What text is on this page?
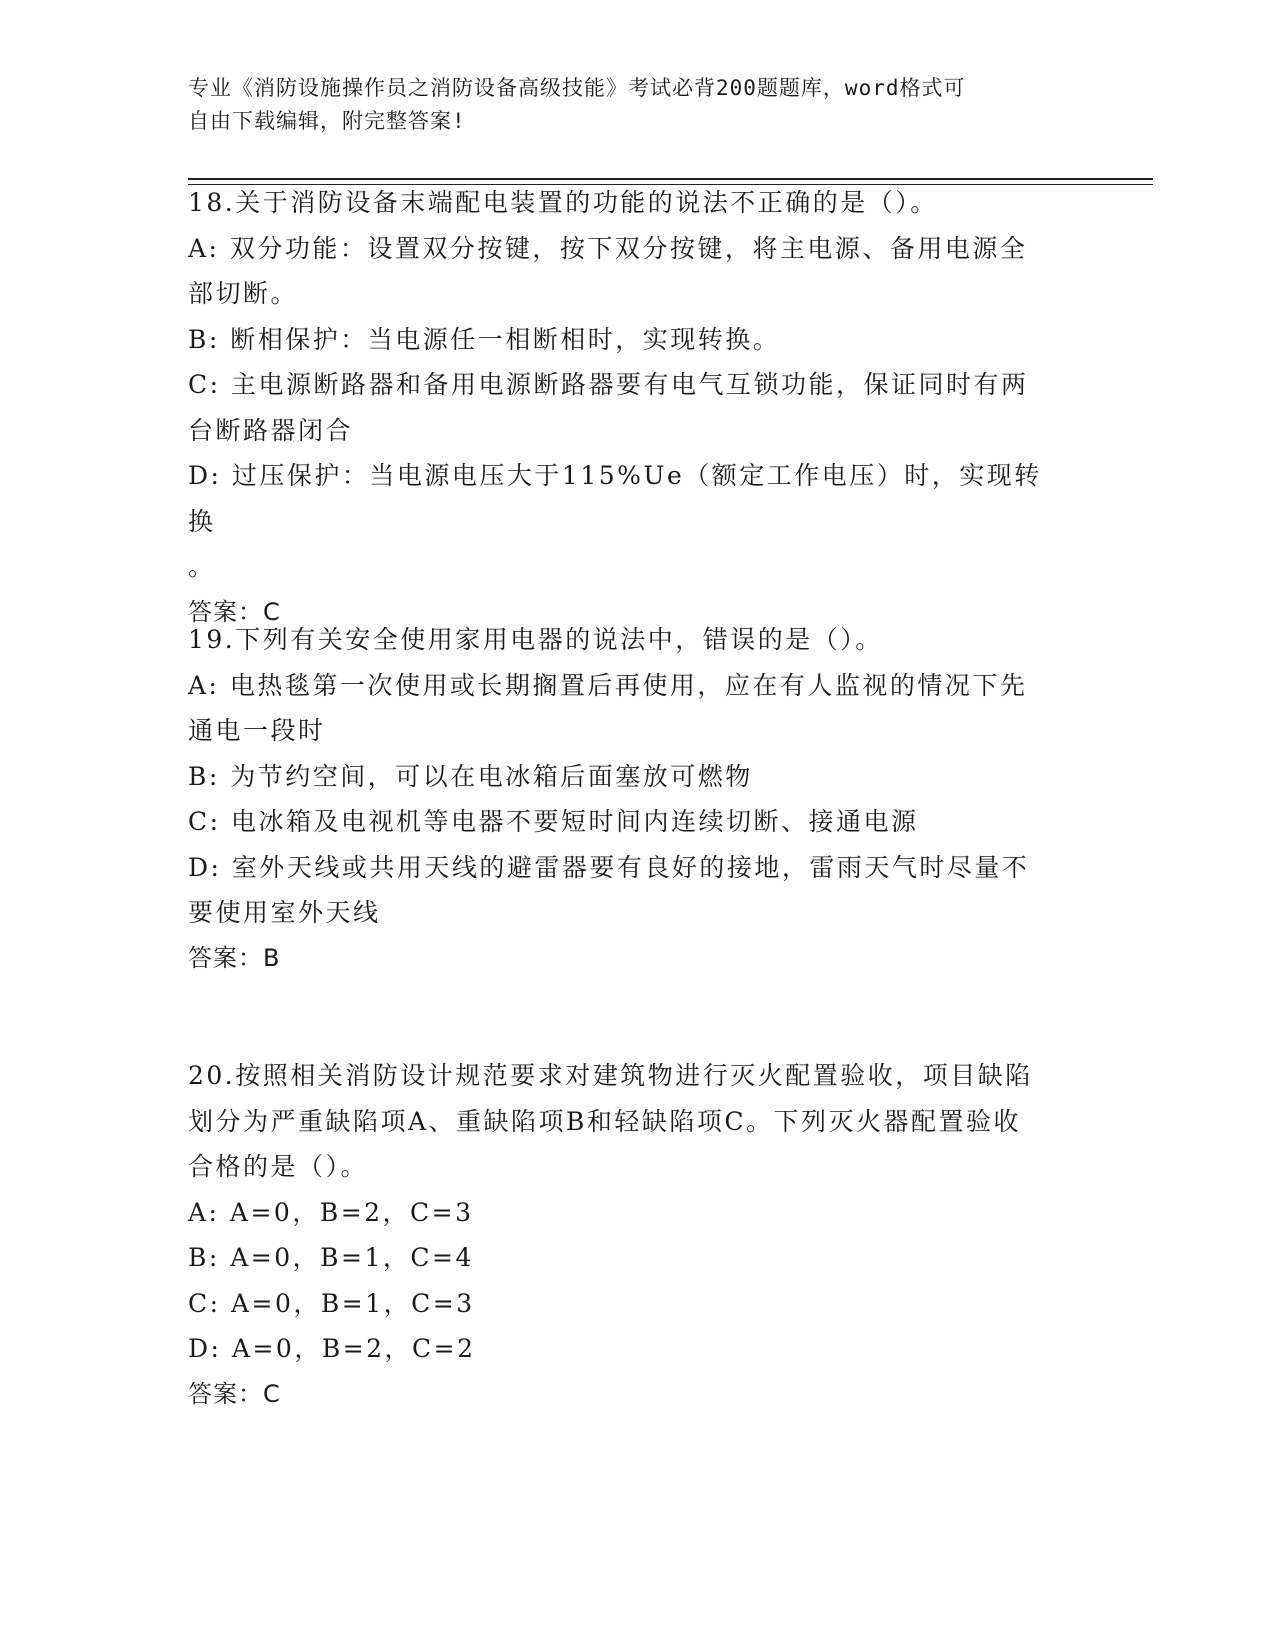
专业《消防设施操作员之消防设备高级技能》考试必背200题题库，word格式可
自由下载编辑，附完整答案!
18.关于消防设备末端配电装置的功能的说法不正确的是（）。
A: 双分功能：设置双分按键，按下双分按键，将主电源、备用电源全
部切断。
B: 断相保护：当电源任一相断相时，实现转换。
C: 主电源断路器和备用电源断路器要有电气互锁功能，保证同时有两
台断路器闭合
D: 过压保护：当电源电压大于115%Ue（额定工作电压）时，实现转换
。
答案：C
19.下列有关安全使用家用电器的说法中，错误的是（）。
A: 电热毯第一次使用或长期搁置后再使用，应在有人监视的情况下先
通电一段时
B: 为节约空间，可以在电冰箱后面塞放可燃物
C: 电冰箱及电视机等电器不要短时间内连续切断、接通电源
D: 室外天线或共用天线的避雷器要有良好的接地，雷雨天气时尽量不
要使用室外天线
答案：B
20.按照相关消防设计规范要求对建筑物进行灭火配置验收，项目缺陷
划分为严重缺陷项A、重缺陷项B和轻缺陷项C。下列灭火器配置验收
合格的是（）。
A: A=0，B=2，C=3
B: A=0，B=1，C=4
C: A=0，B=1，C=3
D: A=0，B=2，C=2
答案：C
